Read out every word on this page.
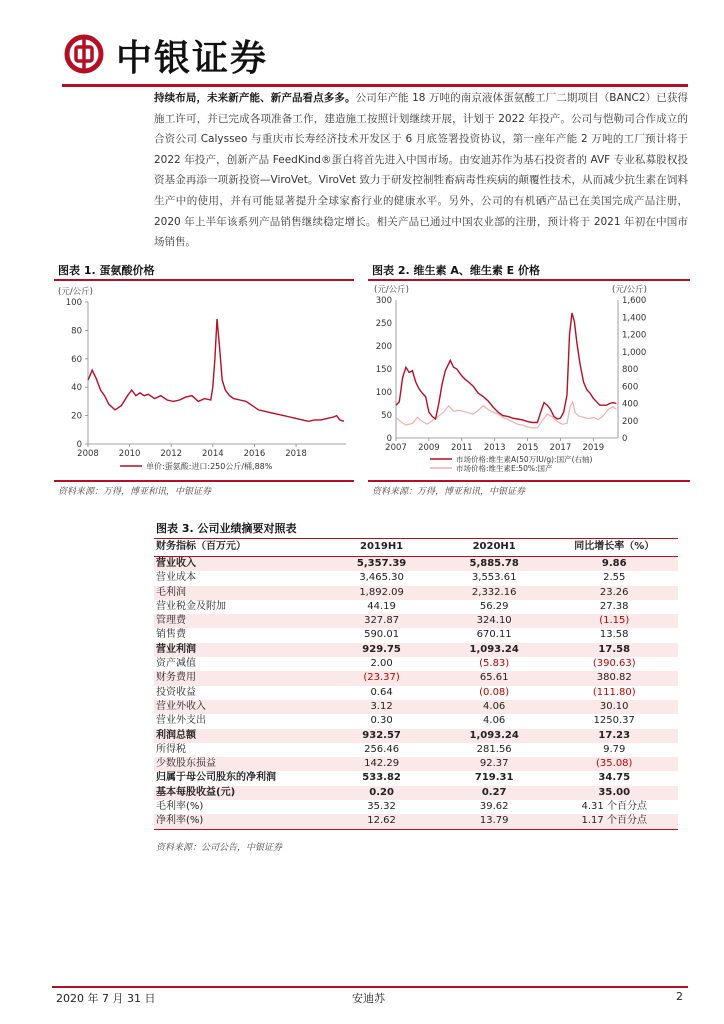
中银证券
持续布局，未来新产能、新产品看点多多。公司年产能 18 万吨的南京液体蛋氨酸工厂二期项目（BANC2）已获得施工许可，并已完成各项准备工作，建造施工按照计划继续开展，计划于 2022 年投产。公司与恺勒司合作成立的合资公司 Calysseo 与重庆市长寿经济技术开发区于 6 月底签署投资协议，第一座年产能 2 万吨的工厂预计将于 2022 年投产，创新产品 FeedKind®蛋白将首先进入中国市场。由安迪苏作为基石投资者的 AVF 专业私募股权投资基金再添一项新投资—ViroVet。ViroVet 致力于研发控制牲畜病毒性疾病的颠覆性技术，从而减少抗生素在饲料生产中的使用，并有可能显著提升全球家畜行业的健康水平。另外，公司的有机硒产品已在美国完成产品注册，2020 年上半年该系列产品销售继续稳定增长。相关产品已通过中国农业部的注册，预计将于 2021 年初在中国市场销售。
图表 1. 蛋氨酸价格
(元/公斤)
0
20
40
60
80
100
2008 2010 2012 2014 2016 2018
单价:蛋氨酸:进口:250公斤/桶,88%
资料来源：万得，博亚和讯，中银证券
图表 2. 维生素 A、维生素 E 价格
(元/公斤)	(元/公斤)
0
50
100
150
200
250
300
0
200
400
600
800
1,000
1,200
1,400
1,600
2007 2009 2011 2013 2015 2017 2019
市场价格:维生素A(50万IU/g):国产(右轴)
市场价格:维生素E:50%:国产
资料来源：万得，博亚和讯，中银证券
图表 3. 公司业绩摘要对照表
财务指标（百万元）	2019H1	2020H1	同比增长率（%）
营业收入	5,357.39	5,885.78	9.86
营业成本	3,465.30	3,553.61	2.55
毛利润	1,892.09	2,332.16	23.26
营业税金及附加	44.19	56.29	27.38
管理费	327.87	324.10	(1.15)
销售费	590.01	670.11	13.58
营业利润	929.75	1,093.24	17.58
资产减值	2.00	(5.83)	(390.63)
财务费用	(23.37)	65.61	380.82
投资收益	0.64	(0.08)	(111.80)
营业外收入	3.12	4.06	30.10
营业外支出	0.30	4.06	1250.37
利润总额	932.57	1,093.24	17.23
所得税	256.46	281.56	9.79
少数股东损益	142.29	92.37	(35.08)
归属于母公司股东的净利润	533.82	719.31	34.75
基本每股收益(元)	0.20	0.27	35.00
毛利率(%)	35.32	39.62	4.31 个百分点
净利率(%)	12.62	13.79	1.17 个百分点
资料来源：公司公告，中银证券
2020 年 7 月 31 日	安迪苏	2
